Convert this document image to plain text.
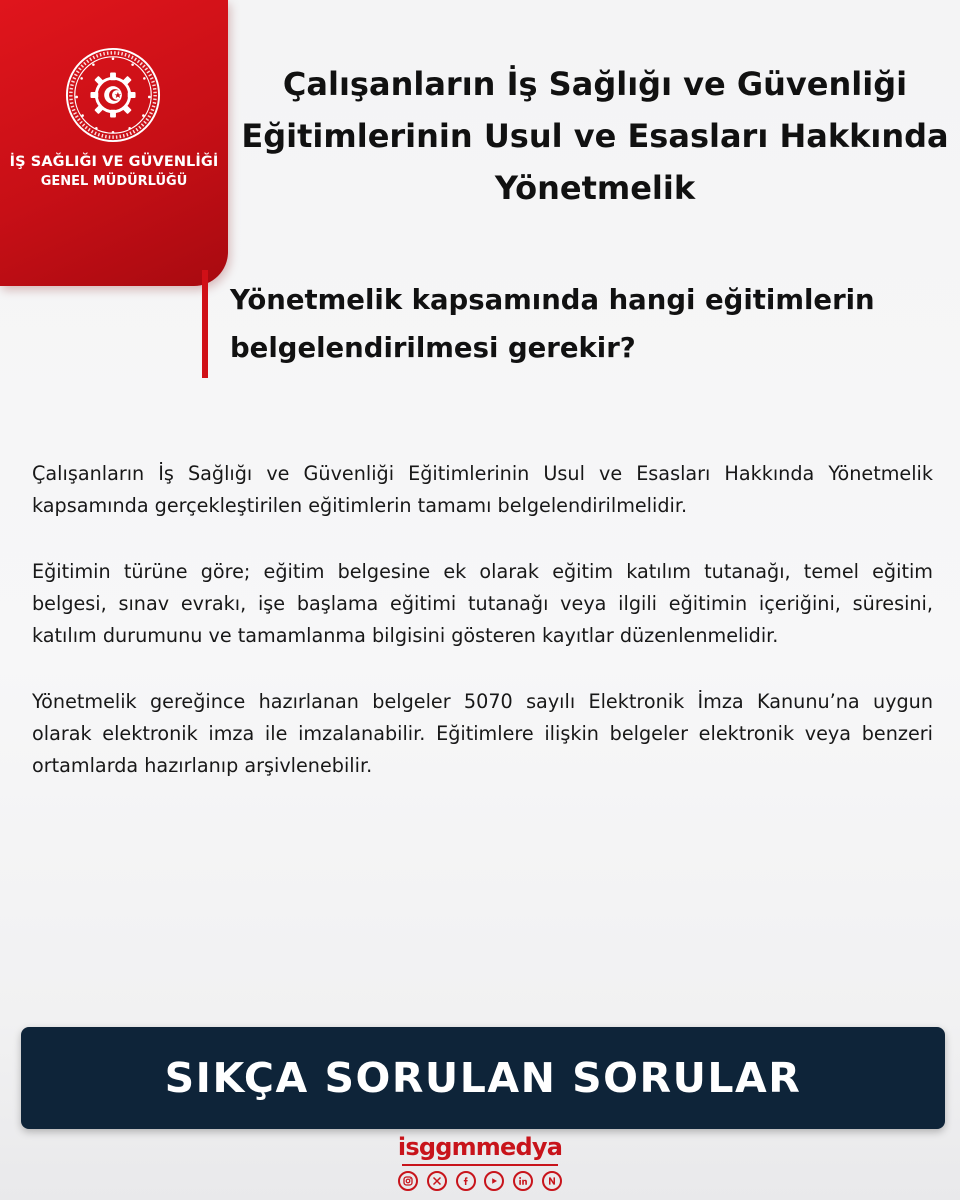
İŞ SAĞLIĞI VE GÜVENLİĞİ
GENEL MÜDÜRLÜĞÜ
Çalışanların İş Sağlığı ve Güvenliği Eğitimlerinin Usul ve Esasları Hakkında Yönetmelik
Yönetmelik kapsamında hangi eğitimlerin belgelendirilmesi gerekir?

Çalışanların İş Sağlığı ve Güvenliği Eğitimlerinin Usul ve Esasları Hakkında Yönetmelik kapsamında gerçekleştirilen eğitimlerin tamamı belgelendirilmelidir.

Eğitimin türüne göre; eğitim belgesine ek olarak eğitim katılım tutanağı, temel eğitim belgesi, sınav evrakı, işe başlama eğitimi tutanağı veya ilgili eğitimin içeriğini, süresini, katılım durumunu ve tamamlanma bilgisini gösteren kayıtlar düzenlenmelidir.

Yönetmelik gereğince hazırlanan belgeler 5070 sayılı Elektronik İmza Kanunu’na uygun olarak elektronik imza ile imzalanabilir. Eğitimlere ilişkin belgeler elektronik veya benzeri ortamlarda hazırlanıp arşivlenebilir.

SIKÇA SORULAN SORULAR
isggmmedya
